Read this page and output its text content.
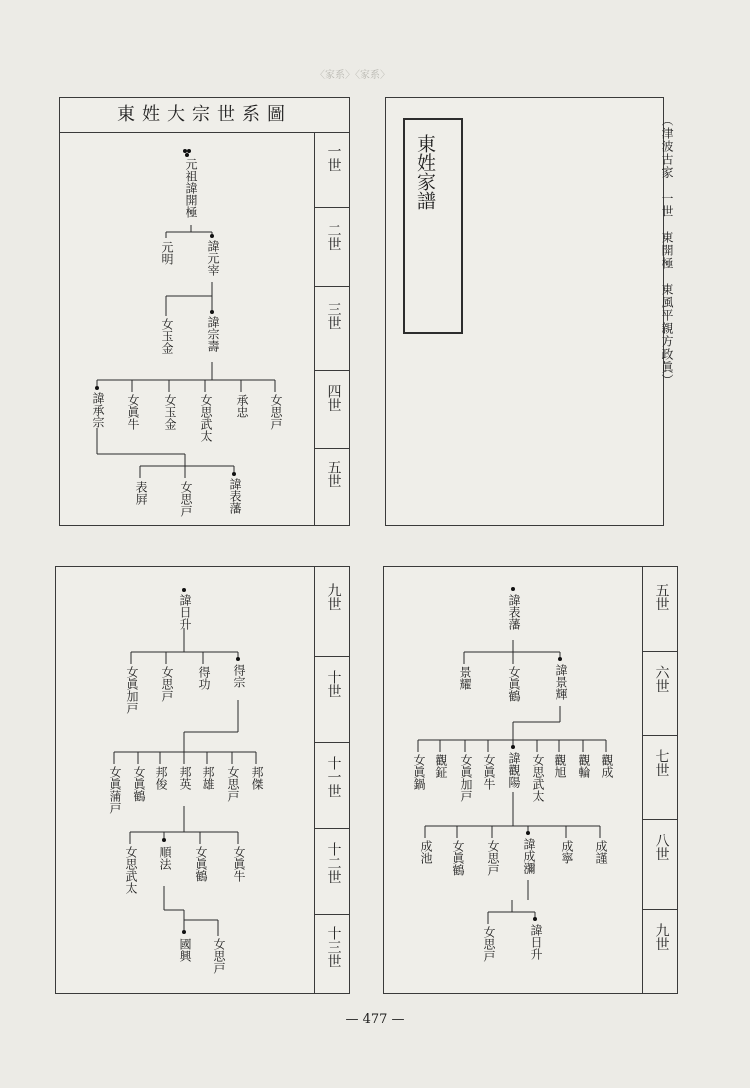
〈家系〉〈家系〉
東姓大宗世系圖
一世
二世
三世
四世
五世
元祖諱開極
元明	諱元宰
女玉金	諱宗壽
諱承宗 女眞牛 女玉金 女思武太 承忠 女思戸
表屛	女思戸	諱表藩
東姓家譜	（津波古家　一世　東開極　東風平親方政眞）
九世
十世
十一世
十二世
十三世
諱日升
女眞加戸 女思戸 得功 得宗
女眞蒲戸 女眞鶴 邦俊 邦英 邦雄 女思戸 邦傑
女思武太 順法 女眞鶴 女眞牛
國興 女思戸
五世
六世
七世
八世
九世
諱表藩
景耀	女眞鶴	諱景輝
女眞鍋 觀鉦 女眞加戸 女眞牛 諱觀陽 女思武太 觀旭 觀輪 觀成
成池 女眞鶴 女思戸 諱成瀰 成寧 成謹
女思戸	諱日升
— 477 —
